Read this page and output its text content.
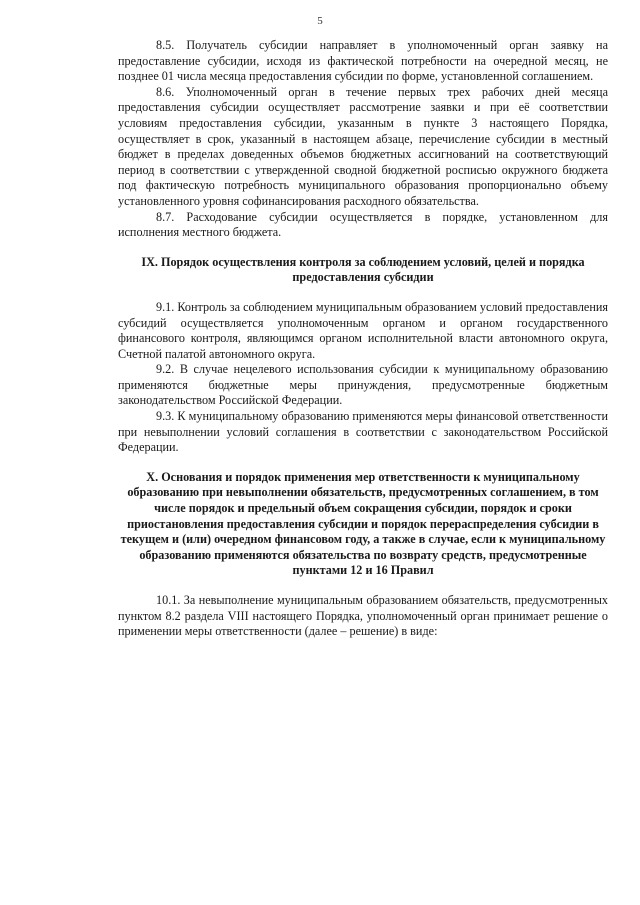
5

8.5. Получатель субсидии направляет в уполномоченный орган заявку на предоставление субсидии, исходя из фактической потребности на очередной месяц, не позднее 01 числа месяца предоставления субсидии по форме, установленной соглашением.

8.6. Уполномоченный орган в течение первых трех рабочих дней месяца предоставления субсидии осуществляет рассмотрение заявки и при её соответствии условиям предоставления субсидии, указанным в пункте 3 настоящего Порядка, осуществляет в срок, указанный в настоящем абзаце, перечисление субсидии в местный бюджет в пределах доведенных объемов бюджетных ассигнований на соответствующий период в соответствии с утвержденной сводной бюджетной росписью окружного бюджета под фактическую потребность муниципального образования пропорционально объему установленного уровня софинансирования расходного обязательства.

8.7. Расходование субсидии осуществляется в порядке, установленном для исполнения местного бюджета.

IX. Порядок осуществления контроля за соблюдением условий, целей и порядка предоставления субсидии

9.1. Контроль за соблюдением муниципальным образованием условий предоставления субсидий осуществляется уполномоченным органом и органом государственного финансового контроля, являющимся органом исполнительной власти автономного округа, Счетной палатой автономного округа.

9.2. В случае нецелевого использования субсидии к муниципальному образованию применяются бюджетные меры принуждения, предусмотренные бюджетным законодательством Российской Федерации.

9.3. К муниципальному образованию применяются меры финансовой ответственности при невыполнении условий соглашения в соответствии с законодательством Российской Федерации.

X. Основания и порядок применения мер ответственности к муниципальному образованию при невыполнении обязательств, предусмотренных соглашением, в том числе порядок и предельный объем сокращения субсидии, порядок и сроки приостановления предоставления субсидии и порядок перераспределения субсидии в текущем и (или) очередном финансовом году, а также в случае, если к муниципальному образованию применяются обязательства по возврату средств, предусмотренные пунктами 12 и 16 Правил

10.1. За невыполнение муниципальным образованием обязательств, предусмотренных пунктом 8.2 раздела VIII настоящего Порядка, уполномоченный орган принимает решение о применении меры ответственности (далее – решение) в виде:
